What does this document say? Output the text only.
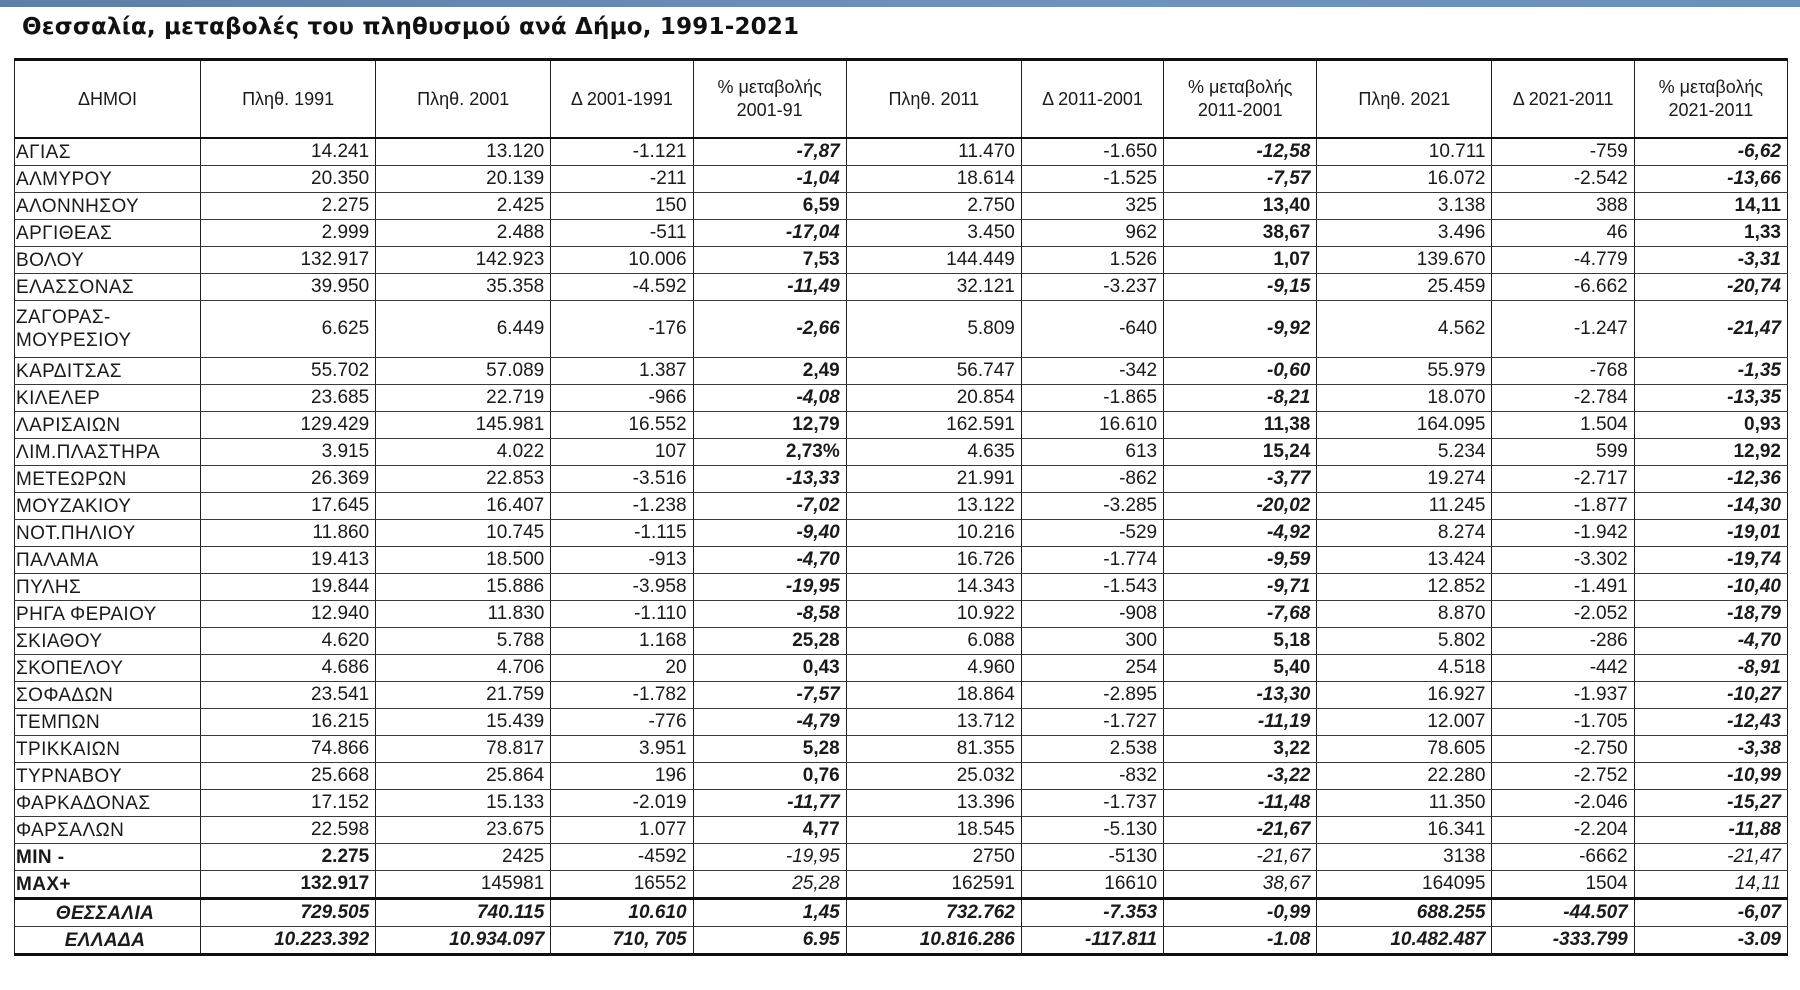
Θεσσαλία, μεταβολές του πληθυσμού ανά Δήμο, 1991-2021
ΔΗΜΟΙ	Πληθ. 1991	Πληθ. 2001	Δ 2001-1991	% μεταβολής 2001-91	Πληθ. 2011	Δ 2011-2001	% μεταβολής 2011-2001	Πληθ. 2021	Δ 2021-2011	% μεταβολής 2021-2011
ΑΓΙΑΣ	14.241	13.120	-1.121	-7,87	11.470	-1.650	-12,58	10.711	-759	-6,62
ΑΛΜΥΡΟΥ	20.350	20.139	-211	-1,04	18.614	-1.525	-7,57	16.072	-2.542	-13,66
ΑΛΟΝΝΗΣΟΥ	2.275	2.425	150	6,59	2.750	325	13,40	3.138	388	14,11
ΑΡΓΙΘΕΑΣ	2.999	2.488	-511	-17,04	3.450	962	38,67	3.496	46	1,33
ΒΟΛΟΥ	132.917	142.923	10.006	7,53	144.449	1.526	1,07	139.670	-4.779	-3,31
ΕΛΑΣΣΟΝΑΣ	39.950	35.358	-4.592	-11,49	32.121	-3.237	-9,15	25.459	-6.662	-20,74
ΖΑΓΟΡΑΣ-ΜΟΥΡΕΣΙΟΥ	6.625	6.449	-176	-2,66	5.809	-640	-9,92	4.562	-1.247	-21,47
ΚΑΡΔΙΤΣΑΣ	55.702	57.089	1.387	2,49	56.747	-342	-0,60	55.979	-768	-1,35
ΚΙΛΕΛΕΡ	23.685	22.719	-966	-4,08	20.854	-1.865	-8,21	18.070	-2.784	-13,35
ΛΑΡΙΣΑΙΩΝ	129.429	145.981	16.552	12,79	162.591	16.610	11,38	164.095	1.504	0,93
ΛΙΜ.ΠΛΑΣΤΗΡΑ	3.915	4.022	107	2,73%	4.635	613	15,24	5.234	599	12,92
ΜΕΤΕΩΡΩΝ	26.369	22.853	-3.516	-13,33	21.991	-862	-3,77	19.274	-2.717	-12,36
ΜΟΥΖΑΚΙΟΥ	17.645	16.407	-1.238	-7,02	13.122	-3.285	-20,02	11.245	-1.877	-14,30
ΝΟΤ.ΠΗΛΙΟΥ	11.860	10.745	-1.115	-9,40	10.216	-529	-4,92	8.274	-1.942	-19,01
ΠΑΛΑΜΑ	19.413	18.500	-913	-4,70	16.726	-1.774	-9,59	13.424	-3.302	-19,74
ΠΥΛΗΣ	19.844	15.886	-3.958	-19,95	14.343	-1.543	-9,71	12.852	-1.491	-10,40
ΡΗΓΑ ΦΕΡΑΙΟΥ	12.940	11.830	-1.110	-8,58	10.922	-908	-7,68	8.870	-2.052	-18,79
ΣΚΙΑΘΟΥ	4.620	5.788	1.168	25,28	6.088	300	5,18	5.802	-286	-4,70
ΣΚΟΠΕΛΟΥ	4.686	4.706	20	0,43	4.960	254	5,40	4.518	-442	-8,91
ΣΟΦΑΔΩΝ	23.541	21.759	-1.782	-7,57	18.864	-2.895	-13,30	16.927	-1.937	-10,27
ΤΕΜΠΩΝ	16.215	15.439	-776	-4,79	13.712	-1.727	-11,19	12.007	-1.705	-12,43
ΤΡΙΚΚΑΙΩΝ	74.866	78.817	3.951	5,28	81.355	2.538	3,22	78.605	-2.750	-3,38
ΤΥΡΝΑΒΟΥ	25.668	25.864	196	0,76	25.032	-832	-3,22	22.280	-2.752	-10,99
ΦΑΡΚΑΔΟΝΑΣ	17.152	15.133	-2.019	-11,77	13.396	-1.737	-11,48	11.350	-2.046	-15,27
ΦΑΡΣΑΛΩΝ	22.598	23.675	1.077	4,77	18.545	-5.130	-21,67	16.341	-2.204	-11,88
MIN -	2.275	2425	-4592	-19,95	2750	-5130	-21,67	3138	-6662	-21,47
MAX+	132.917	145981	16552	25,28	162591	16610	38,67	164095	1504	14,11
ΘΕΣΣΑΛΙΑ	729.505	740.115	10.610	1,45	732.762	-7.353	-0,99	688.255	-44.507	-6,07
ΕΛΛΑΔΑ	10.223.392	10.934.097	710, 705	6.95	10.816.286	-117.811	-1.08	10.482.487	-333.799	-3.09
